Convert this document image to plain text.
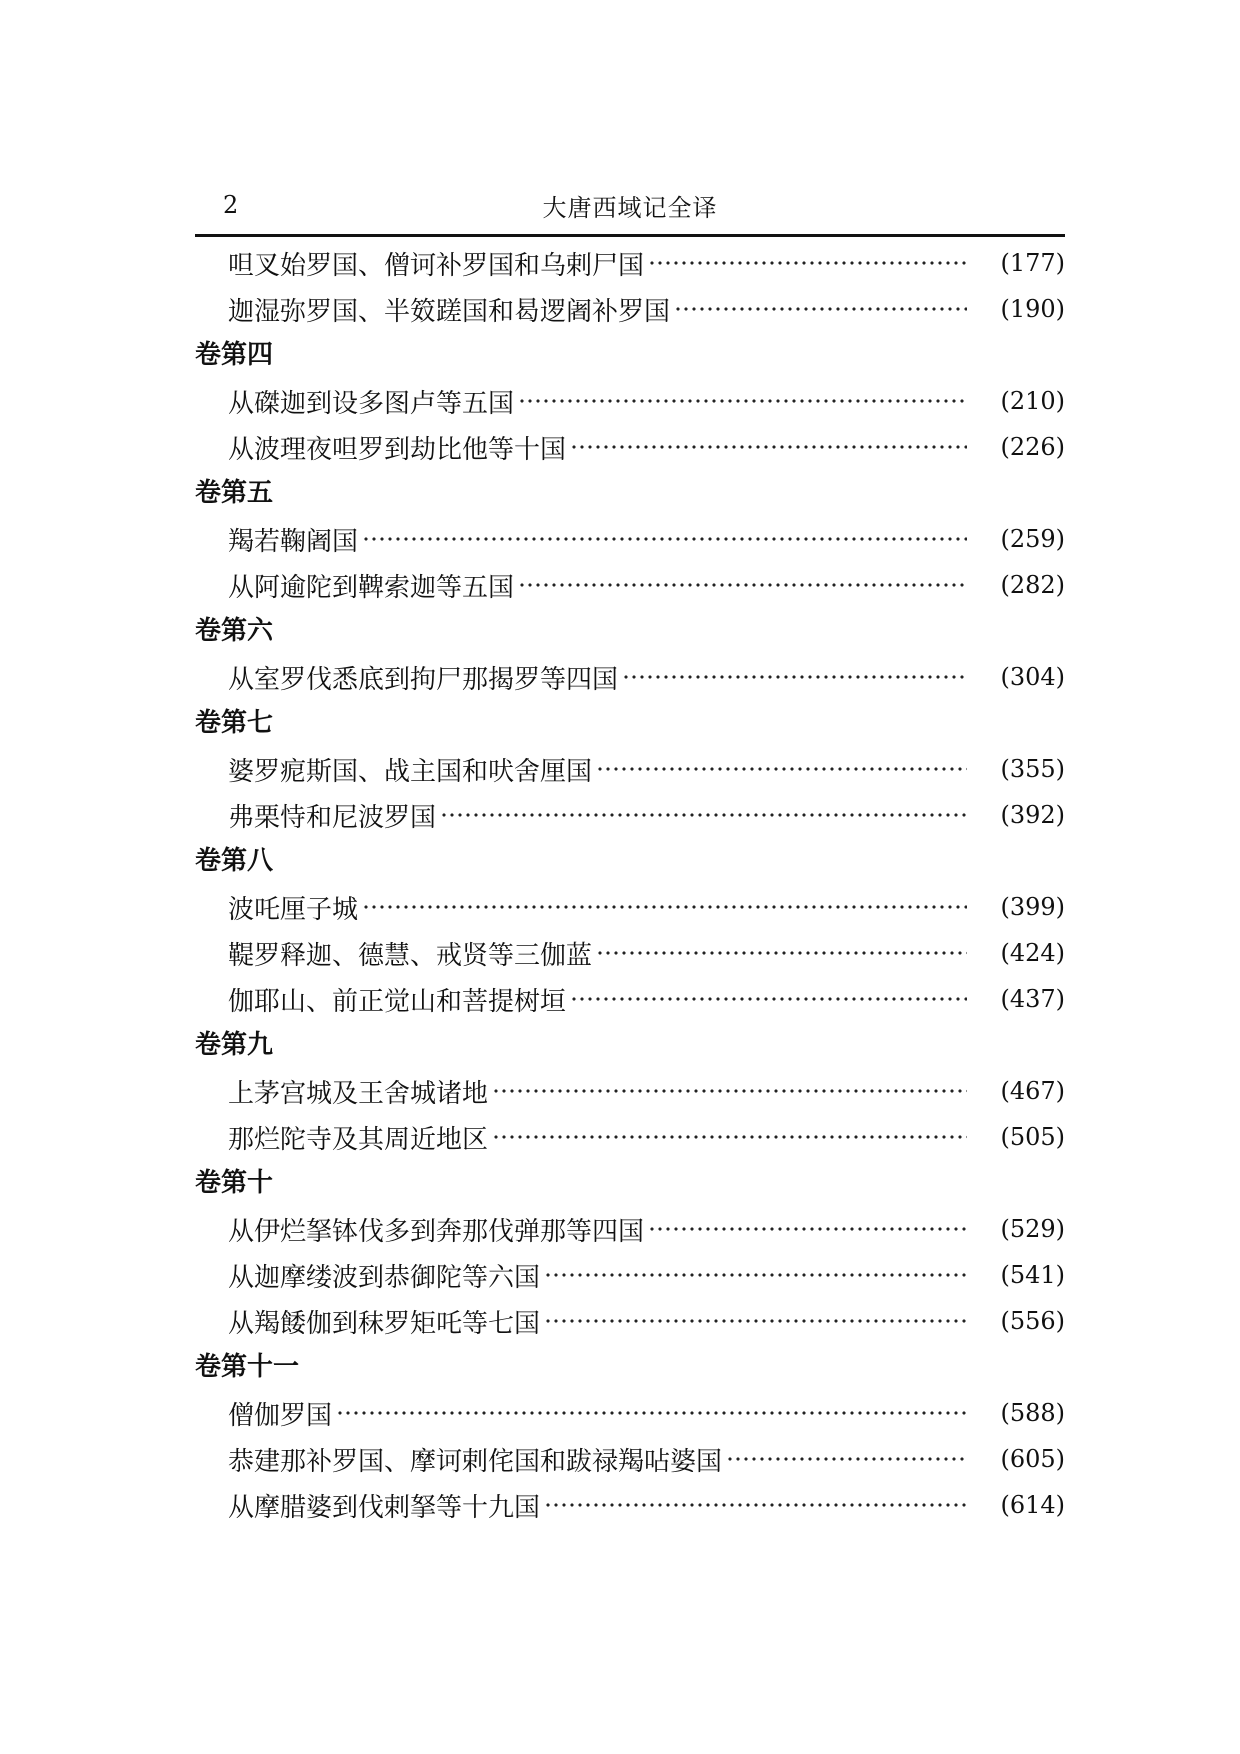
2	大唐西域记全译
呾叉始罗国、僧诃补罗国和乌剌尸国	(177)
迦湿弥罗国、半笯蹉国和曷逻阇补罗国	(190)
卷第四
从磔迦到设多图卢等五国	(210)
从波理夜呾罗到劫比他等十国	(226)
卷第五
羯若鞠阇国	(259)
从阿逾陀到鞞索迦等五国	(282)
卷第六
从室罗伐悉底到拘尸那揭罗等四国	(304)
卷第七
婆罗痆斯国、战主国和吠舍厘国	(355)
弗栗恃和尼波罗国	(392)
卷第八
波吒厘子城	(399)
鞮罗释迦、德慧、戒贤等三伽蓝	(424)
伽耶山、前正觉山和菩提树垣	(437)
卷第九
上茅宫城及王舍城诸地	(467)
那烂陀寺及其周近地区	(505)
卷第十
从伊烂拏钵伐多到奔那伐弹那等四国	(529)
从迦摩缕波到恭御陀等六国	(541)
从羯餧伽到秣罗矩吒等七国	(556)
卷第十一
僧伽罗国	(588)
恭建那补罗国、摩诃剌侘国和跋禄羯呫婆国	(605)
从摩腊婆到伐剌拏等十九国	(614)
